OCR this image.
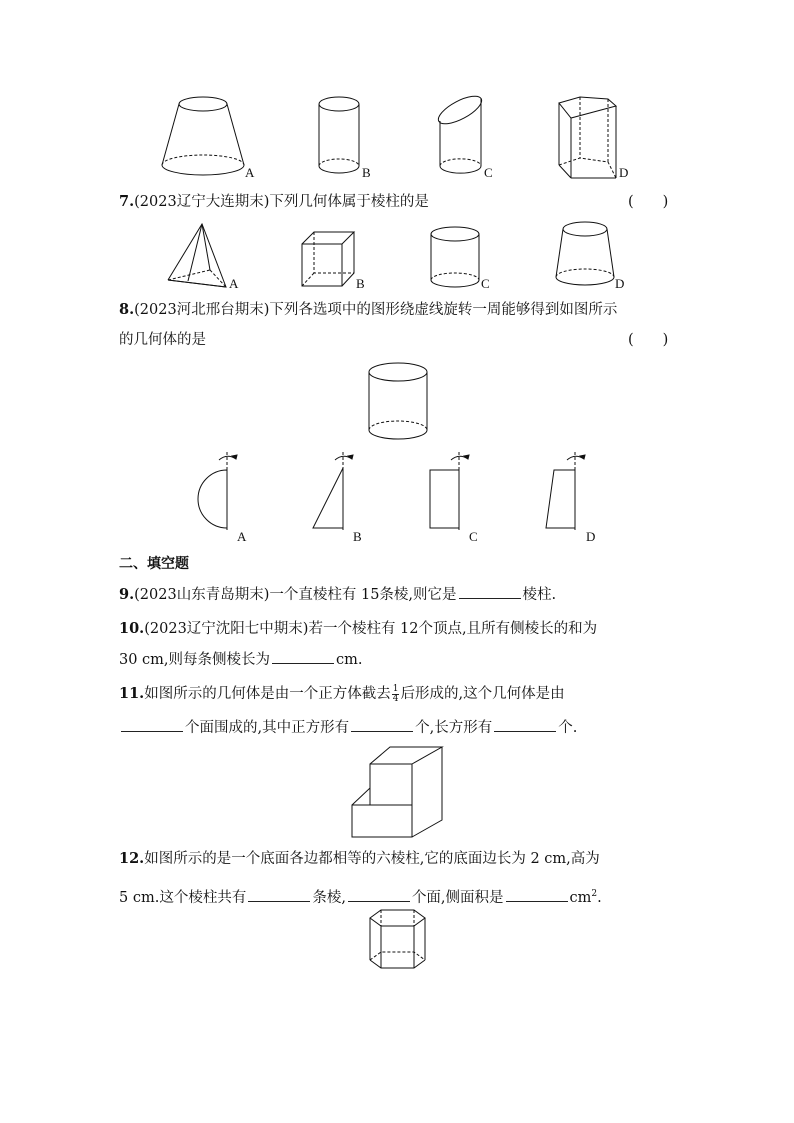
A	B	C	D
7.(2023辽宁大连期末)下列几何体属于棱柱的是	(　　)
A	B	C	D
8.(2023河北邢台期末)下列各选项中的图形绕虚线旋转一周能够得到如图所示
的几何体的是	(　　)
A	B	C	D
二、填空题
9.(2023山东青岛期末)一个直棱柱有 15条棱,则它是	棱柱.
10.(2023辽宁沈阳七中期末)若一个棱柱有 12个顶点,且所有侧棱长的和为
30 cm,则每条侧棱长为	cm.
11.如图所示的几何体是由一个正方体截去 $\frac{1}{4}$ 后形成的,这个几何体是由
个面围成的,其中正方形有	个,长方形有	个.
12.如图所示的是一个底面各边都相等的六棱柱,它的底面边长为 2 cm,高为
5 cm.这个棱柱共有	条棱,	个面,侧面积是	$cm^2$.
